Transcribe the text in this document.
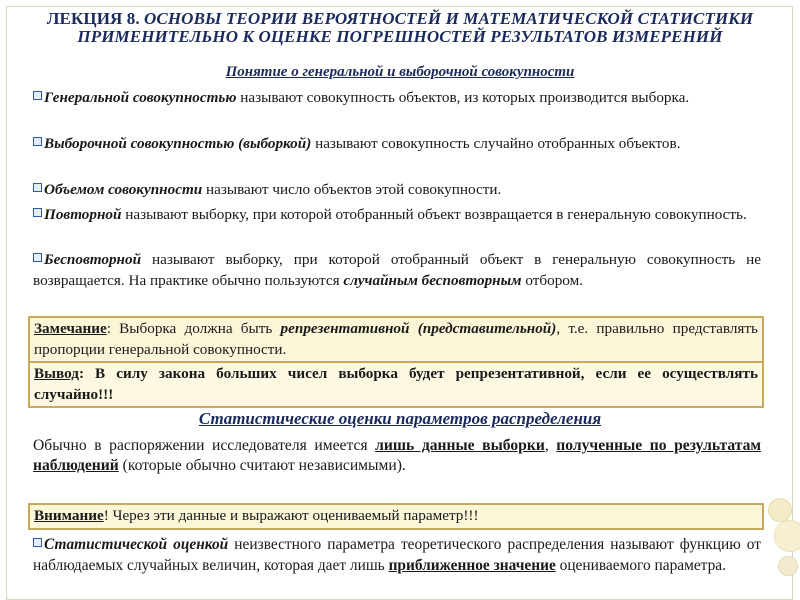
ЛЕКЦИЯ 8. ОСНОВЫ ТЕОРИИ ВЕРОЯТНОСТЕЙ И МАТЕМАТИЧЕСКОЙ СТАТИСТИКИ
ПРИМЕНИТЕЛЬНО К ОЦЕНКЕ ПОГРЕШНОСТЕЙ РЕЗУЛЬТАТОВ ИЗМЕРЕНИЙ
Понятие о генеральной и выборочной совокупности
Генеральной совокупностью называют совокупность объектов, из которых производится выборка.
Выборочной совокупностью (выборкой) называют совокупность случайно отобранных объектов.
Объемом совокупности называют число объектов этой совокупности.
Повторной называют выборку, при которой отобранный объект возвращается в генеральную совокупность.
Бесповторной называют выборку, при которой отобранный объект в генеральную совокупность не возвращается. На практике обычно пользуются случайным бесповторным отбором.
Замечание: Выборка должна быть репрезентативной (представительной), т.е. правильно представлять пропорции генеральной совокупности.
Вывод: В силу закона больших чисел выборка будет репрезентативной, если ее осуществлять случайно!!!
Статистические оценки параметров распределения
Обычно в распоряжении исследователя имеется лишь данные выборки, полученные по результатам наблюдений (которые обычно считают независимыми).
Внимание! Через эти данные и выражают оцениваемый параметр!!!
Статистической оценкой неизвестного параметра теоретического распределения называют функцию от наблюдаемых случайных величин, которая дает лишь приближенное значение оцениваемого параметра.
